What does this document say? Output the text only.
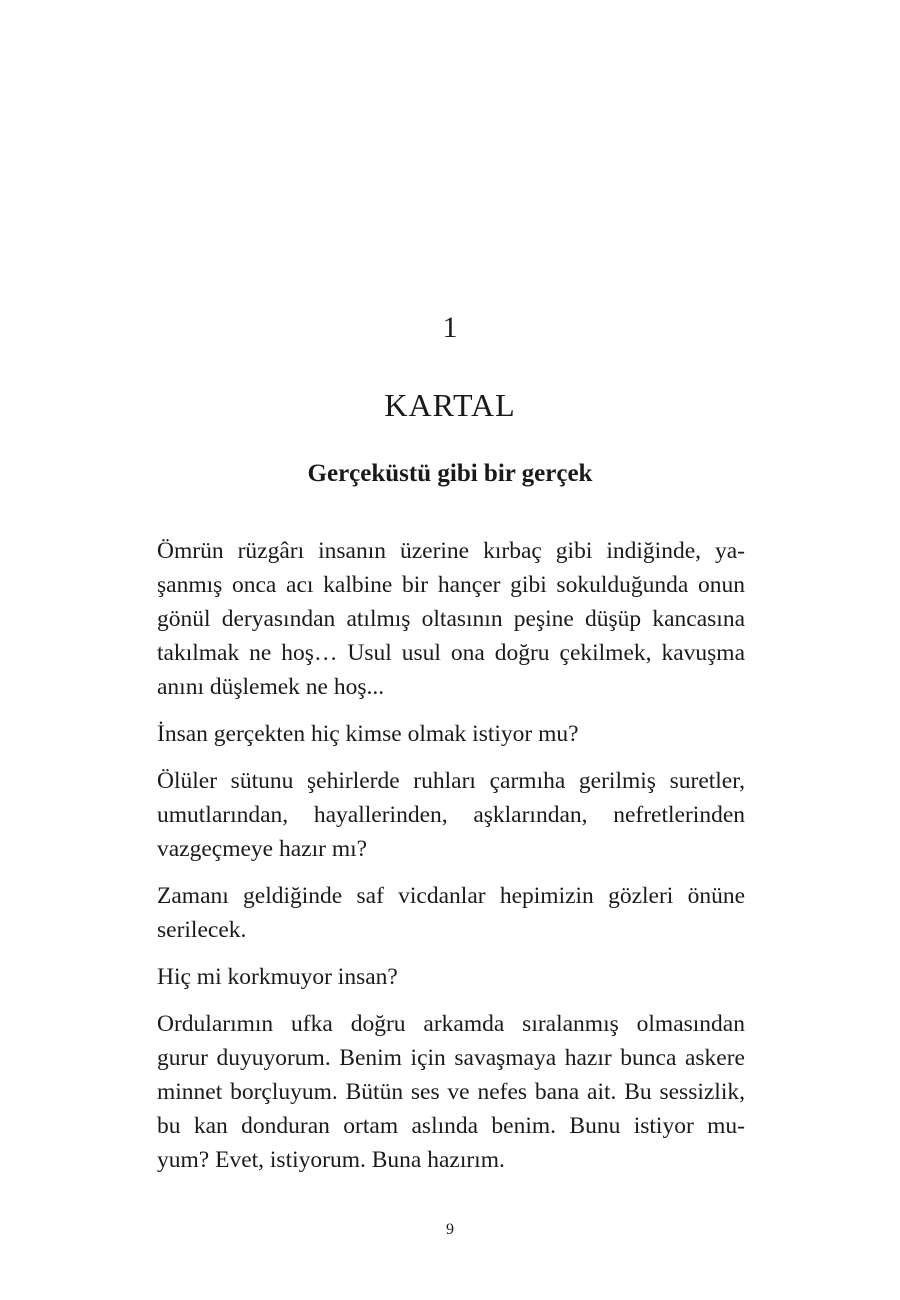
1
KARTAL
Gerçeküstü gibi bir gerçek

Ömrün rüzgârı insanın üzerine kırbaç gibi indiğinde, ya-
şanmış onca acı kalbine bir hançer gibi sokulduğunda onun
gönül deryasından atılmış oltasının peşine düşüp kancasına
takılmak ne hoş… Usul usul ona doğru çekilmek, kavuşma
anını düşlemek ne hoş...

İnsan gerçekten hiç kimse olmak istiyor mu?

Ölüler sütunu şehirlerde ruhları çarmıha gerilmiş suretler,
umutlarından, hayallerinden, aşklarından, nefretlerinden
vazgeçmeye hazır mı?

Zamanı geldiğinde saf vicdanlar hepimizin gözleri önüne
serilecek.

Hiç mi korkmuyor insan?

Ordularımın ufka doğru arkamda sıralanmış olmasından
gurur duyuyorum. Benim için savaşmaya hazır bunca askere
minnet borçluyum. Bütün ses ve nefes bana ait. Bu sessizlik,
bu kan donduran ortam aslında benim. Bunu istiyor mu-
yum? Evet, istiyorum. Buna hazırım.

9
